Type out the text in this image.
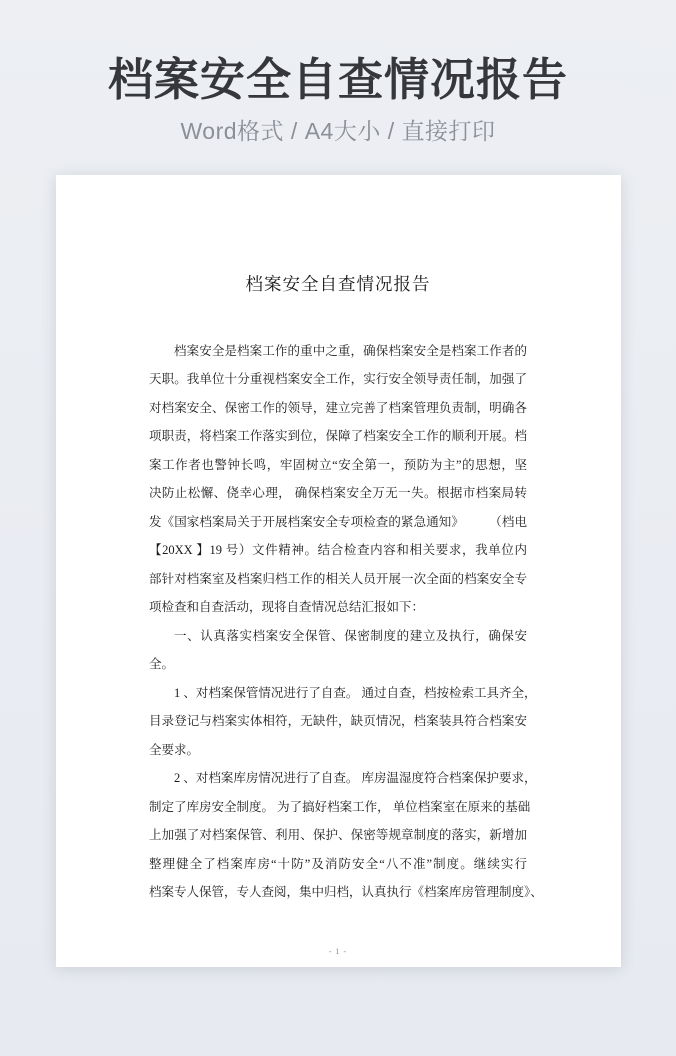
档案安全自查情况报告
Word格式 / A4大小 / 直接打印
档案安全自查情况报告
档案安全是档案工作的重中之重，确保档案安全是档案工作者的
天职。我单位十分重视档案安全工作，实行安全领导责任制，加强了
对档案安全、保密工作的领导，建立完善了档案管理负责制，明确各
项职责，将档案工作落实到位，保障了档案安全工作的顺利开展。档
案工作者也警钟长鸣，牢固树立“安全第一，预防为主”的思想，坚
决防止松懈、侥幸心理， 确保档案安全万无一失。根据市档案局转
发《国家档案局关于开展档案安全专项检查的紧急通知》　　　（档电
【20XX 】19 号）文件精神。结合检查内容和相关要求，我单位内
部针对档案室及档案归档工作的相关人员开展一次全面的档案安全专
项检查和自查活动，现将自查情况总结汇报如下：
一、认真落实档案安全保管、保密制度的建立及执行，确保安
全。
1 、对档案保管情况进行了自查。 通过自查，档按检索工具齐全，
目录登记与档案实体相符，无缺件，缺页情况，档案装具符合档案安
全要求。
2 、对档案库房情况进行了自查。 库房温湿度符合档案保护要求，
制定了库房安全制度。 为了搞好档案工作， 单位档案室在原来的基础
上加强了对档案保管、利用、保护、保密等规章制度的落实，新增加
整理健全了档案库房“十防”及消防安全“八不准”制度。继续实行
档案专人保管，专人查阅，集中归档，认真执行《档案库房管理制度》、
- 1 -
